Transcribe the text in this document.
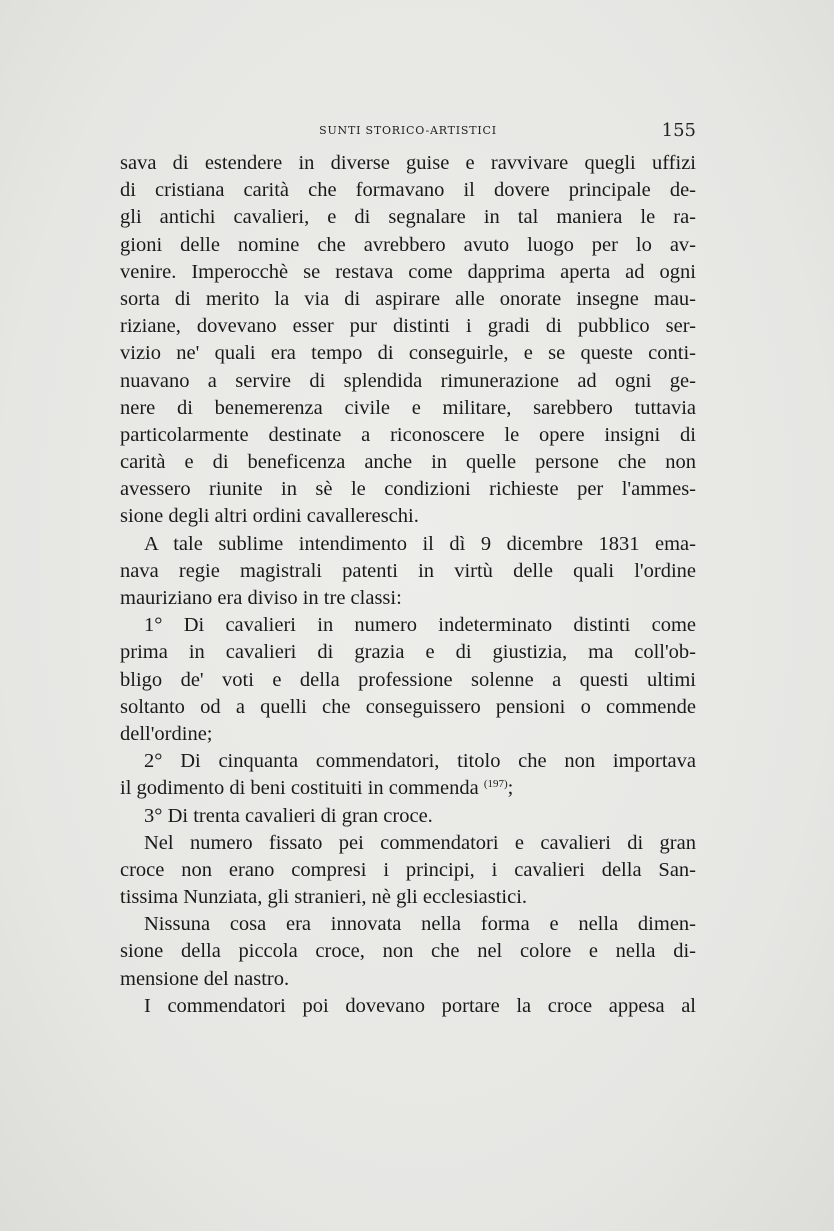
SUNTI STORICO-ARTISTICI	155
sava di estendere in diverse guise e ravvivare quegli uffizi
di cristiana carità che formavano il dovere principale de-
gli antichi cavalieri, e di segnalare in tal maniera le ra-
gioni delle nomine che avrebbero avuto luogo per lo av-
venire. Imperocchè se restava come dapprima aperta ad ogni
sorta di merito la via di aspirare alle onorate insegne mau-
riziane, dovevano esser pur distinti i gradi di pubblico ser-
vizio ne' quali era tempo di conseguirle, e se queste conti-
nuavano a servire di splendida rimunerazione ad ogni ge-
nere di benemerenza civile e militare, sarebbero tuttavia
particolarmente destinate a riconoscere le opere insigni di
carità e di beneficenza anche in quelle persone che non
avessero riunite in sè le condizioni richieste per l'ammes-
sione degli altri ordini cavallereschi.
A tale sublime intendimento il dì 9 dicembre 1831 ema-
nava regie magistrali patenti in virtù delle quali l'ordine
mauriziano era diviso in tre classi:
1° Di cavalieri in numero indeterminato distinti come
prima in cavalieri di grazia e di giustizia, ma coll'ob-
bligo de' voti e della professione solenne a questi ultimi
soltanto od a quelli che conseguissero pensioni o commende
dell'ordine;
2° Di cinquanta commendatori, titolo che non importava
il godimento di beni costituiti in commenda $^{(197)}$;
3° Di trenta cavalieri di gran croce.
Nel numero fissato pei commendatori e cavalieri di gran
croce non erano compresi i principi, i cavalieri della San-
tissima Nunziata, gli stranieri, nè gli ecclesiastici.
Nissuna cosa era innovata nella forma e nella dimen-
sione della piccola croce, non che nel colore e nella di-
mensione del nastro.
I commendatori poi dovevano portare la croce appesa al
